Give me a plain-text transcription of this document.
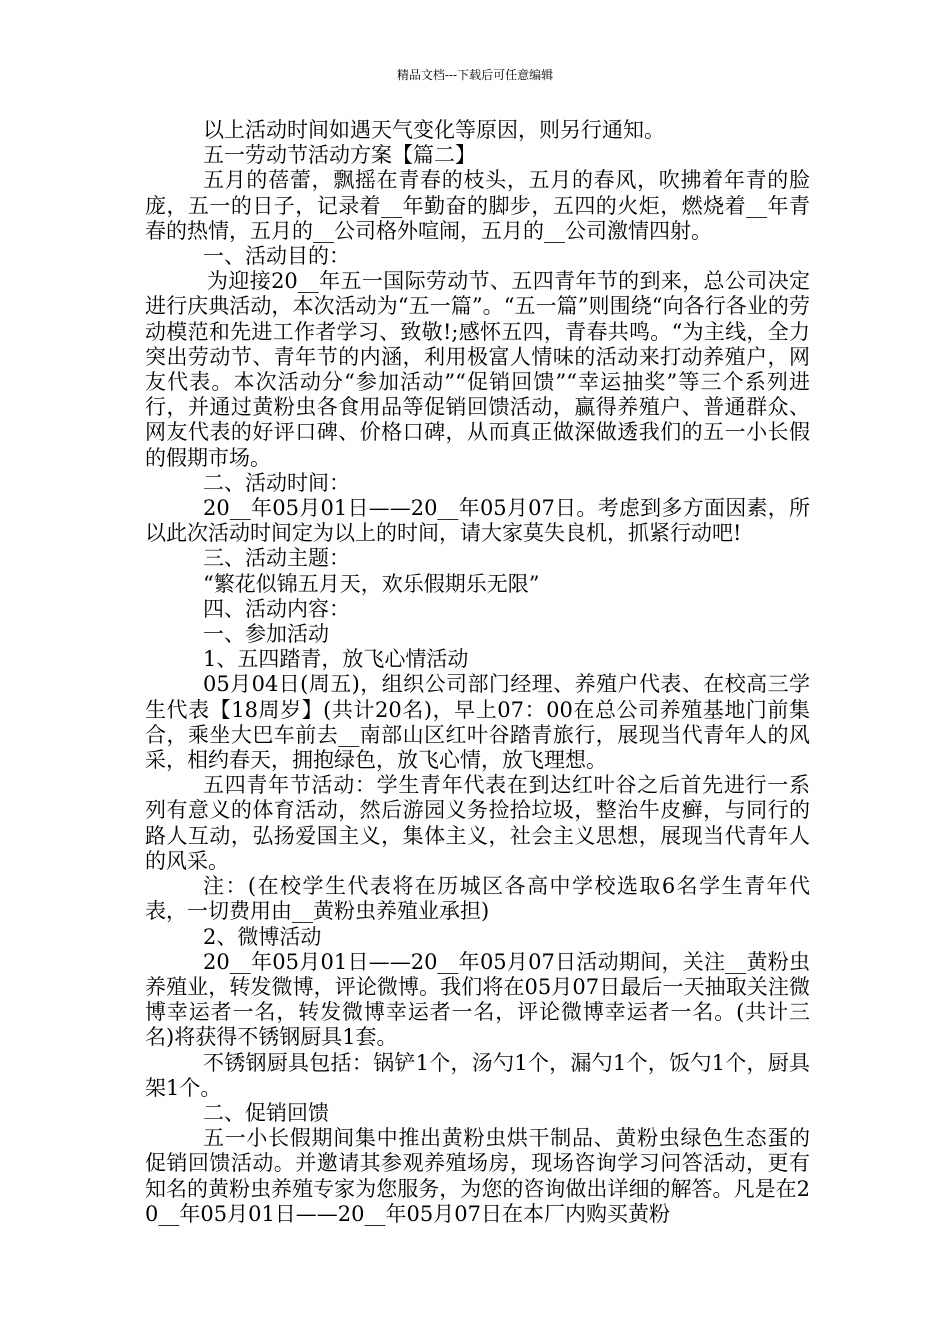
精品文档---下载后可任意编辑

以上活动时间如遇天气变化等原因，则另行通知。

五一劳动节活动方案【篇二】

五月的蓓蕾，飘摇在青春的枝头，五月的春风，吹拂着年青的脸庞，五一的日子，记录着__年勤奋的脚步，五四的火炬，燃烧着__年青春的热情，五月的__公司格外喧闹，五月的__公司激情四射。

一、活动目的：

为迎接20__年五一国际劳动节、五四青年节的到来，总公司决定进行庆典活动，本次活动为“五一篇”。“五一篇”则围绕“向各行各业的劳动模范和先进工作者学习、致敬!;感怀五四，青春共鸣。“为主线，全力突出劳动节、青年节的内涵，利用极富人情味的活动来打动养殖户，网友代表。本次活动分“参加活动”“促销回馈”“幸运抽奖”等三个系列进行，并通过黄粉虫各食用品等促销回馈活动，赢得养殖户、普通群众、网友代表的好评口碑、价格口碑，从而真正做深做透我们的五一小长假的假期市场。

二、活动时间：

20__年05月01日——20__年05月07日。考虑到多方面因素，所以此次活动时间定为以上的时间，请大家莫失良机，抓紧行动吧!

三、活动主题：

“繁花似锦五月天，欢乐假期乐无限”

四、活动内容：

一、参加活动

1、五四踏青，放飞心情活动

05月04日(周五)，组织公司部门经理、养殖户代表、在校高三学生代表【18周岁】(共计20名)，早上07：00在总公司养殖基地门前集合，乘坐大巴车前去__南部山区红叶谷踏青旅行，展现当代青年人的风采，相约春天，拥抱绿色，放飞心情，放飞理想。

五四青年节活动：学生青年代表在到达红叶谷之后首先进行一系列有意义的体育活动，然后游园义务捡拾垃圾，整治牛皮癣，与同行的路人互动，弘扬爱国主义，集体主义，社会主义思想，展现当代青年人的风采。

注：(在校学生代表将在历城区各高中学校选取6名学生青年代表，一切费用由__黄粉虫养殖业承担)

2、微博活动

20__年05月01日——20__年05月07日活动期间，关注__黄粉虫养殖业，转发微博，评论微博。我们将在05月07日最后一天抽取关注微博幸运者一名，转发微博幸运者一名，评论微博幸运者一名。(共计三名)将获得不锈钢厨具1套。

不锈钢厨具包括：锅铲1个，汤勺1个，漏勺1个，饭勺1个，厨具架1个。

二、促销回馈

五一小长假期间集中推出黄粉虫烘干制品、黄粉虫绿色生态蛋的促销回馈活动。并邀请其参观养殖场房，现场咨询学习问答活动，更有知名的黄粉虫养殖专家为您服务，为您的咨询做出详细的解答。凡是在20__年05月01日——20__年05月07日在本厂内购买黄粉
